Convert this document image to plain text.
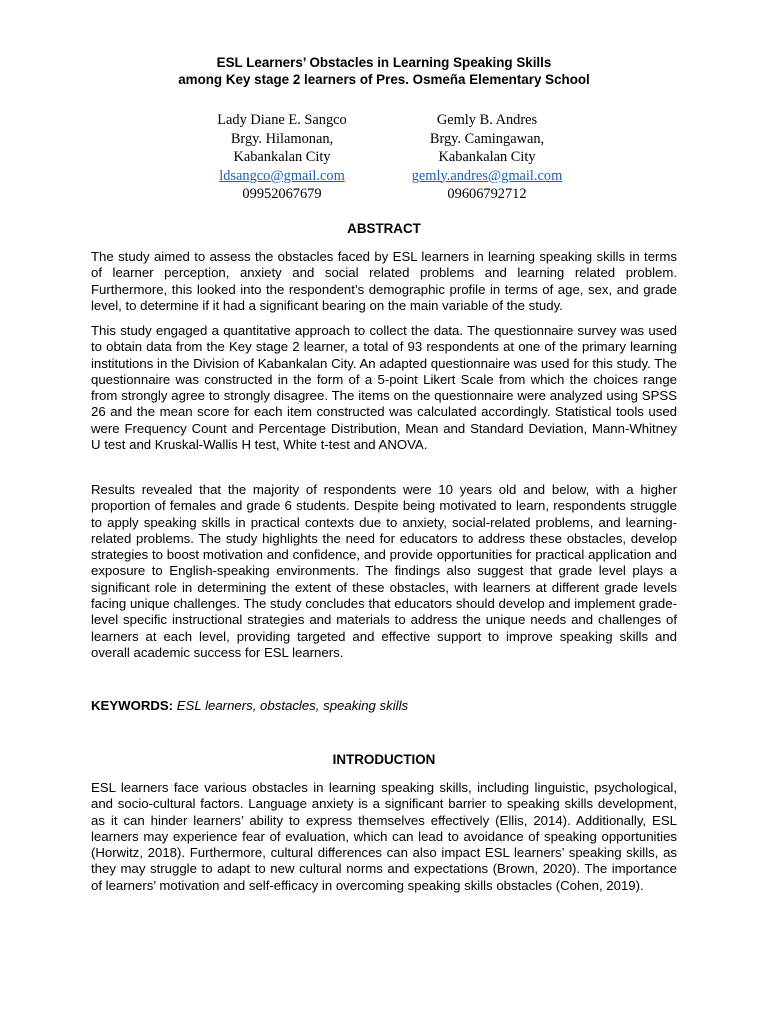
ESL Learners’ Obstacles in Learning Speaking Skills
among Key stage 2 learners of Pres. Osmeña Elementary School
Lady Diane E. Sangco
Brgy. Hilamonan,
Kabankalan City
ldsangco@gmail.com
09952067679
Gemly B. Andres
Brgy. Camingawan,
Kabankalan City
gemly.andres@gmail.com
09606792712
ABSTRACT

The study aimed to assess the obstacles faced by ESL learners in learning speaking skills in terms of learner perception, anxiety and social related problems and learning related problem. Furthermore, this looked into the respondent’s demographic profile in terms of age, sex, and grade level, to determine if it had a significant bearing on the main variable of the study.

This study engaged a quantitative approach to collect the data. The questionnaire survey was used to obtain data from the Key stage 2 learner, a total of 93 respondents at one of the primary learning institutions in the Division of Kabankalan City. An adapted questionnaire was used for this study. The questionnaire was constructed in the form of a 5-point Likert Scale from which the choices range from strongly agree to strongly disagree. The items on the questionnaire were analyzed using SPSS 26 and the mean score for each item constructed was calculated accordingly. Statistical tools used were Frequency Count and Percentage Distribution, Mean and Standard Deviation, Mann-Whitney U test and Kruskal-Wallis H test, White t-test and ANOVA.

Results revealed that the majority of respondents were 10 years old and below, with a higher proportion of females and grade 6 students. Despite being motivated to learn, respondents struggle to apply speaking skills in practical contexts due to anxiety, social-related problems, and learning-related problems. The study highlights the need for educators to address these obstacles, develop strategies to boost motivation and confidence, and provide opportunities for practical application and exposure to English-speaking environments. The findings also suggest that grade level plays a significant role in determining the extent of these obstacles, with learners at different grade levels facing unique challenges. The study concludes that educators should develop and implement grade-level specific instructional strategies and materials to address the unique needs and challenges of learners at each level, providing targeted and effective support to improve speaking skills and overall academic success for ESL learners.

KEYWORDS: ESL learners, obstacles, speaking skills
INTRODUCTION

ESL learners face various obstacles in learning speaking skills, including linguistic, psychological, and socio-cultural factors. Language anxiety is a significant barrier to speaking skills development, as it can hinder learners’ ability to express themselves effectively (Ellis, 2014). Additionally, ESL learners may experience fear of evaluation, which can lead to avoidance of speaking opportunities (Horwitz, 2018). Furthermore, cultural differences can also impact ESL learners’ speaking skills, as they may struggle to adapt to new cultural norms and expectations (Brown, 2020). The importance of learners’ motivation and self-efficacy in overcoming speaking skills obstacles (Cohen, 2019).
